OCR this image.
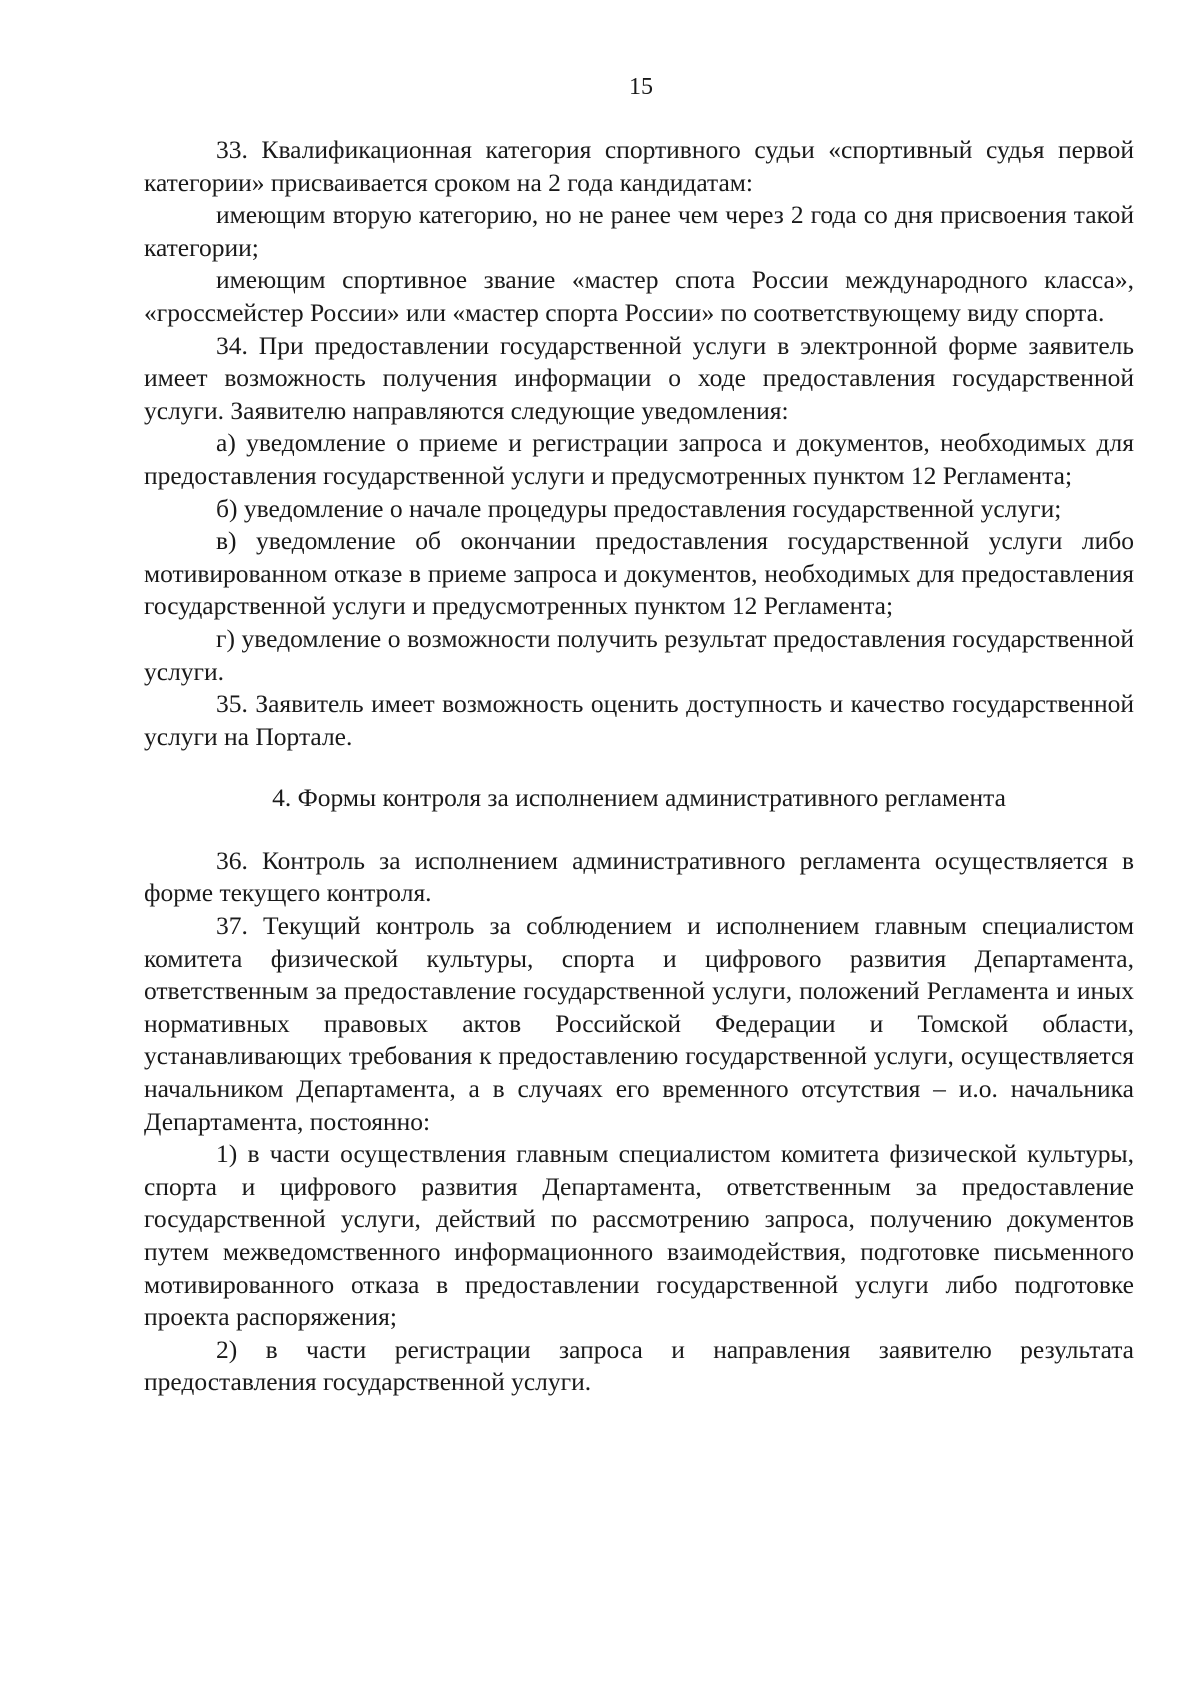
15

33. Квалификационная категория спортивного судьи «спортивный судья первой категории» присваивается сроком на 2 года кандидатам:

имеющим вторую категорию, но не ранее чем через 2 года со дня присвоения такой категории;

имеющим спортивное звание «мастер спота России международного класса», «гроссмейстер России» или «мастер спорта России» по соответствующему виду спорта.

34. При предоставлении государственной услуги в электронной форме заявитель имеет возможность получения информации о ходе предоставления государственной услуги. Заявителю направляются следующие уведомления:

а) уведомление о приеме и регистрации запроса и документов, необходимых для предоставления государственной услуги и предусмотренных пунктом 12 Регламента;

б) уведомление о начале процедуры предоставления государственной услуги;

в) уведомление об окончании предоставления государственной услуги либо мотивированном отказе в приеме запроса и документов, необходимых для предоставления государственной услуги и предусмотренных пунктом 12 Регламента;

г) уведомление о возможности получить результат предоставления государственной услуги.

35. Заявитель имеет возможность оценить доступность и качество государственной услуги на Портале.

4. Формы контроля за исполнением административного регламента

36. Контроль за исполнением административного регламента осуществляется в форме текущего контроля.

37. Текущий контроль за соблюдением и исполнением главным специалистом комитета физической культуры, спорта и цифрового развития Департамента, ответственным за предоставление государственной услуги, положений Регламента и иных нормативных правовых актов Российской Федерации и Томской области, устанавливающих требования к предоставлению государственной услуги, осуществляется начальником Департамента, а в случаях его временного отсутствия – и.о. начальника Департамента, постоянно:

1) в части осуществления главным специалистом комитета физической культуры, спорта и цифрового развития Департамента, ответственным за предоставление государственной услуги, действий по рассмотрению запроса, получению документов путем межведомственного информационного взаимодействия, подготовке письменного мотивированного отказа в предоставлении государственной услуги либо подготовке проекта распоряжения;

2) в части регистрации запроса и направления заявителю результата предоставления государственной услуги.
